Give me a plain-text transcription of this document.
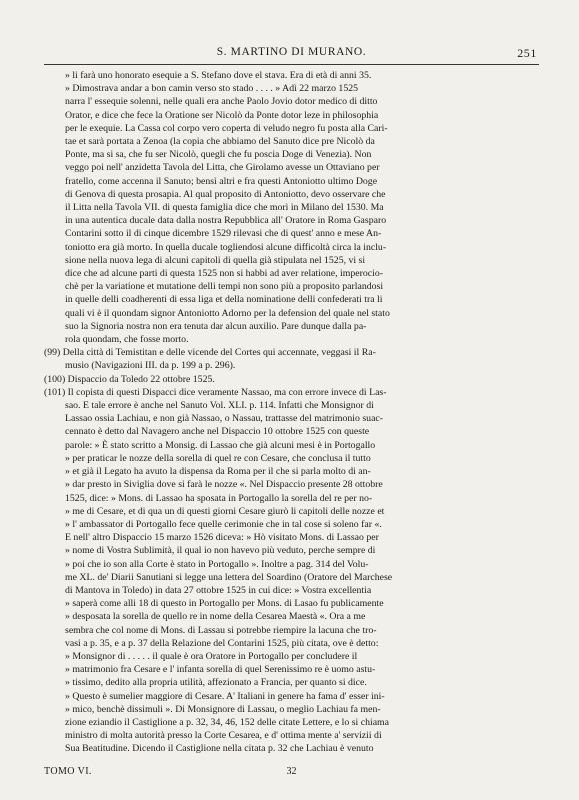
S. MARTINO DI MURANO.	251
» li farà uno honorato esequie a S. Stefano dove el stava. Era di età di anni 35.
» Dimostrava andar a bon camin verso sto stado . . . . » Adì 22 marzo 1525
narra l' essequie solenni, nelle quali era anche Paolo Jovio dotor medico di ditto
Orator, e dice che fece la Oratione ser Nicolò da Ponte dotor leze in philosophia
per le exequie. La Cassa col corpo vero coperta di veludo negro fu posta alla Cari-
tae et sarà portata a Zenoa (la copia che abbiamo del Sanuto dice pre Nicolò da
Ponte, ma si sa, che fu ser Nicolò, quegli che fu poscia Doge di Venezia). Non
veggo poi nell' anzidetta Tavola del Litta, che Girolamo avesse un Ottaviano per
fratello, come accenna il Sanuto; bensì altri e fra questi Antoniotto ultimo Doge
di Genova di questa prosapia. Al qual proposito di Antoniotto, devo osservare che
il Litta nella Tavola VII. di questa famiglia dice che morì in Milano del 1530. Ma
in una autentica ducale data dalla nostra Repubblica all' Oratore in Roma Gasparo
Contarini sotto il di cinque dicembre 1529 rilevasi che di quest' anno e mese An-
toniotto era già morto. In quella ducale togliendosi alcune difficoltà circa la inclu-
sione nella nuova lega di alcuni capitoli di quella già stipulata nel 1525, vi si
dice che ad alcune parti di questa 1525 non si habbi ad aver relatione, imperocio-
chè per la variatione et mutatione delli tempi non sono più a proposito parlandosi
in quelle delli coadherenti di essa liga et della nominatione delli confederati tra li
quali vi è il quondam signor Antoniotto Adorno per la defension del quale nel stato
suo la Signoria nostra non era tenuta dar alcun auxilio. Pare dunque dalla pa-
rola quondam, che fosse morto.
(99) Della città di Temistitan e delle vicende del Cortes qui accennate, veggasi il Ra-
musio (Navigazioni III. da p. 199 a p. 296).
(100) Dispaccio da Toledo 22 ottobre 1525.
(101) Il copista di questi Dispacci dice veramente Nassao, ma con errore invece di Las-
sao. E tale errore è anche nel Sanuto Vol. XLI. p. 114. Infatti che Monsignor di
Lassao ossia Lachiau, e non già Nassao, o Nassau, trattasse del matrimonio suac-
cennato è detto dal Navagero anche nel Dispaccio 10 ottobre 1525 con queste
parole: » È stato scritto a Monsig. di Lassao che già alcuni mesi è in Portogallo
» per praticar le nozze della sorella di quel re con Cesare, che conclusa il tutto
» et già il Legato ha avuto la dispensa da Roma per il che si parla molto di an-
» dar presto in Siviglia dove si farà le nozze «. Nel Dispaccio presente 28 ottobre
1525, dice: » Mons. di Lassao ha sposata in Portogallo la sorella del re per no-
» me di Cesare, et di qua un di questi giorni Cesare giurò li capitoli delle nozze et
» l' ambassator di Portogallo fece quelle cerimonie che in tal cose si soleno far «.
E nell' altro Dispaccio 15 marzo 1526 diceva: » Hò visitato Mons. di Lassao per
» nome di Vostra Sublimità, il qual io non havevo più veduto, perche sempre di
» poi che io son alla Corte è stato in Portogallo ». Inoltre a pag. 314 del Volu-
me XL. de' Diarii Sanutiani si legge una lettera del Soardino (Oratore del Marchese
di Mantova in Toledo) in data 27 ottobre 1525 in cui dice: » Vostra excellentia
» saperà come alli 18 di questo in Portogallo per Mons. di Lasao fu publicamente
» desposata la sorella de quello re in nome della Cesarea Maestà «. Ora a me
sembra che col nome di Mons. di Lassau si potrebbe riempire la lacuna che tro-
vasi a p. 35, e a p. 37 della Relazione del Contarini 1525, più citata, ove è detto:
» Monsignor di . . . . . il quale è ora Oratore in Portogallo per concludere il
» matrimonio fra Cesare e l' infanta sorella di quel Serenissimo re è uomo astu-
» tissimo, dedito alla propria utilità, affezionato a Francia, per quanto si dice.
» Questo è sumelier maggiore di Cesare. A' Italiani in genere ha fama d' esser ini-
» mico, benchè dissimuli ». Di Monsignore di Lassau, o meglio Lachiau fa men-
zione eziandio il Castiglione a p. 32, 34, 46, 152 delle citate Lettere, e lo si chiama
ministro di molta autorità presso la Corte Cesarea, e d' ottima mente a' servizii di
Sua Beatitudine. Dicendo il Castiglione nella citata p. 32 che Lachiau è venuto
TOMO VI.	32
